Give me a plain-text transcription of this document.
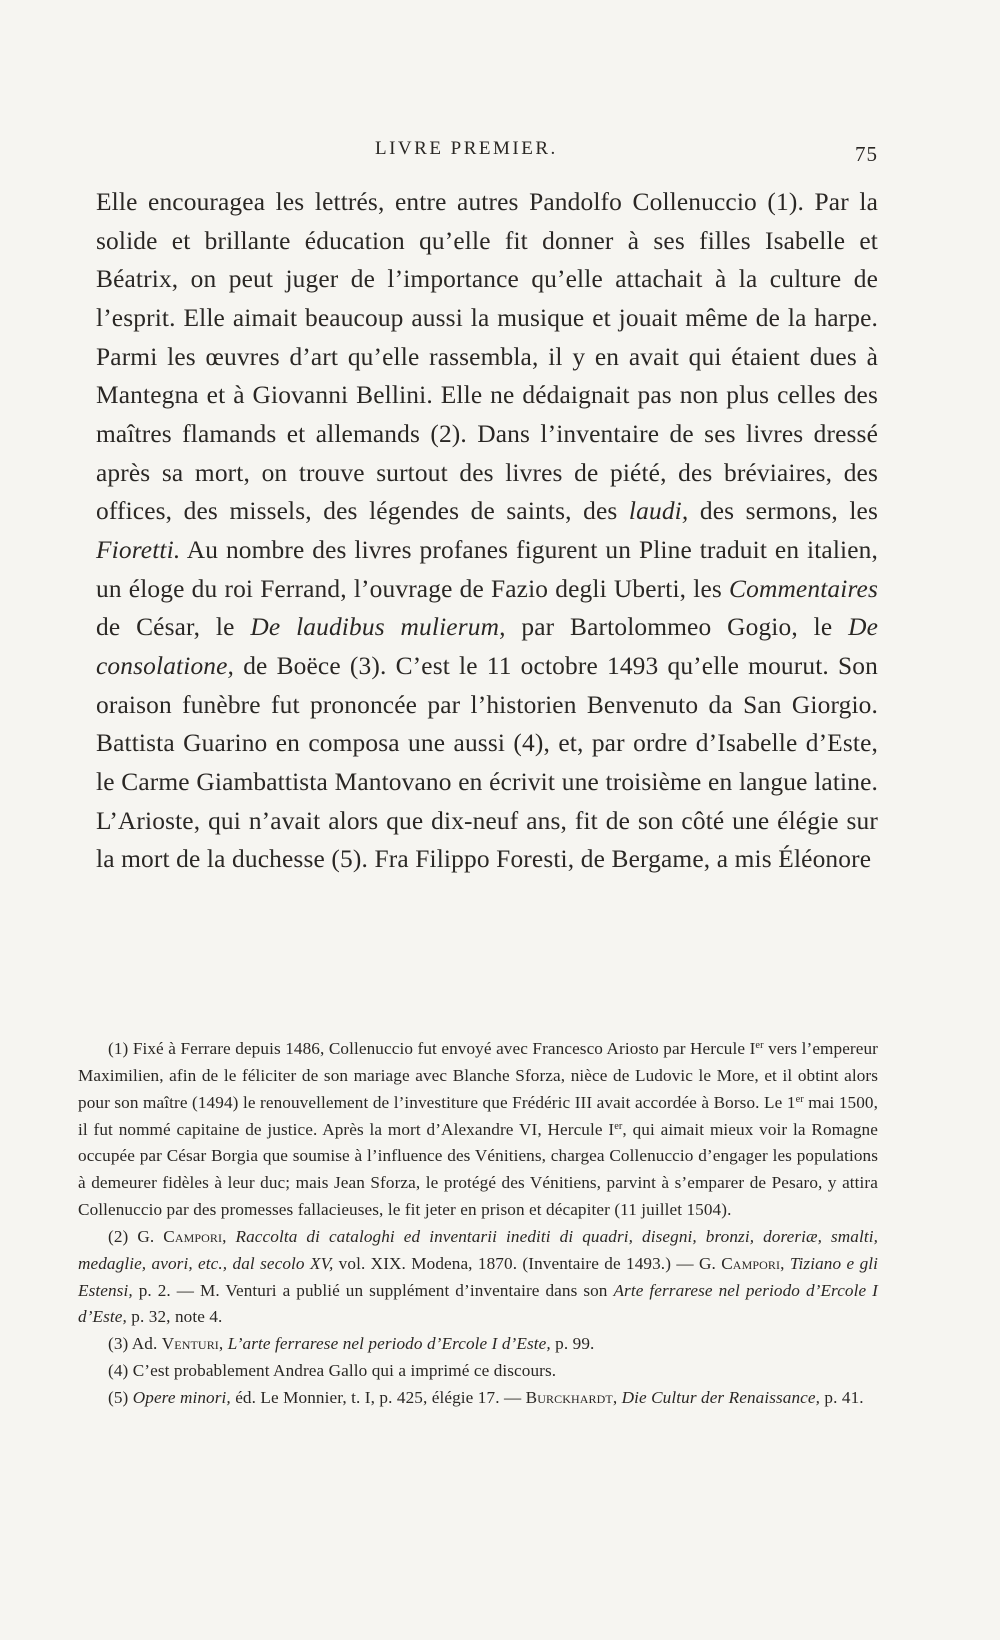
LIVRE PREMIER.	75
Elle encouragea les lettrés, entre autres Pandolfo Collenuccio (1). Par la solide et brillante éducation qu’elle fit donner à ses filles Isabelle et Béatrix, on peut juger de l’importance qu’elle attachait à la culture de l’esprit. Elle aimait beaucoup aussi la musique et jouait même de la harpe. Parmi les œuvres d’art qu’elle rassembla, il y en avait qui étaient dues à Mantegna et à Giovanni Bellini. Elle ne dédaignait pas non plus celles des maîtres flamands et allemands (2). Dans l’inventaire de ses livres dressé après sa mort, on trouve surtout des livres de piété, des bréviaires, des offices, des missels, des légendes de saints, des laudi, des sermons, les Fioretti. Au nombre des livres profanes figurent un Pline traduit en italien, un éloge du roi Ferrand, l’ouvrage de Fazio degli Uberti, les Commentaires de César, le De laudibus mulierum, par Bartolommeo Gogio, le De consolatione, de Boëce (3). C’est le 11 octobre 1493 qu’elle mourut. Son oraison funèbre fut prononcée par l’historien Benvenuto da San Giorgio. Battista Guarino en composa une aussi (4), et, par ordre d’Isabelle d’Este, le Carme Giambattista Mantovano en écrivit une troisième en langue latine. L’Arioste, qui n’avait alors que dix-neuf ans, fit de son côté une élégie sur la mort de la duchesse (5). Fra Filippo Foresti, de Bergame, a mis Éléonore

(1) Fixé à Ferrare depuis 1486, Collenuccio fut envoyé avec Francesco Ariosto par Hercule Ier vers l’empereur Maximilien, afin de le féliciter de son mariage avec Blanche Sforza, nièce de Ludovic le More, et il obtint alors pour son maître (1494) le renouvellement de l’investiture que Frédéric III avait accordée à Borso. Le 1er mai 1500, il fut nommé capitaine de justice. Après la mort d’Alexandre VI, Hercule Ier, qui aimait mieux voir la Romagne occupée par César Borgia que soumise à l’influence des Vénitiens, chargea Collenuccio d’engager les populations à demeurer fidèles à leur duc; mais Jean Sforza, le protégé des Vénitiens, parvint à s’emparer de Pesaro, y attira Collenuccio par des promesses fallacieuses, le fit jeter en prison et décapiter (11 juillet 1504).

(2) G. Campori, Raccolta di cataloghi ed inventarii inediti di quadri, disegni, bronzi, doreriæ, smalti, medaglie, avori, etc., dal secolo XV, vol. XIX. Modena, 1870. (Inventaire de 1493.) — G. Campori, Tiziano e gli Estensi, p. 2. — M. Venturi a publié un supplément d’inventaire dans son Arte ferrarese nel periodo d’Ercole I d’Este, p. 32, note 4.

(3) Ad. Venturi, L’arte ferrarese nel periodo d’Ercole I d’Este, p. 99.

(4) C’est probablement Andrea Gallo qui a imprimé ce discours.

(5) Opere minori, éd. Le Monnier, t. I, p. 425, élégie 17. — Burckhardt, Die Cultur der Renaissance, p. 41.
